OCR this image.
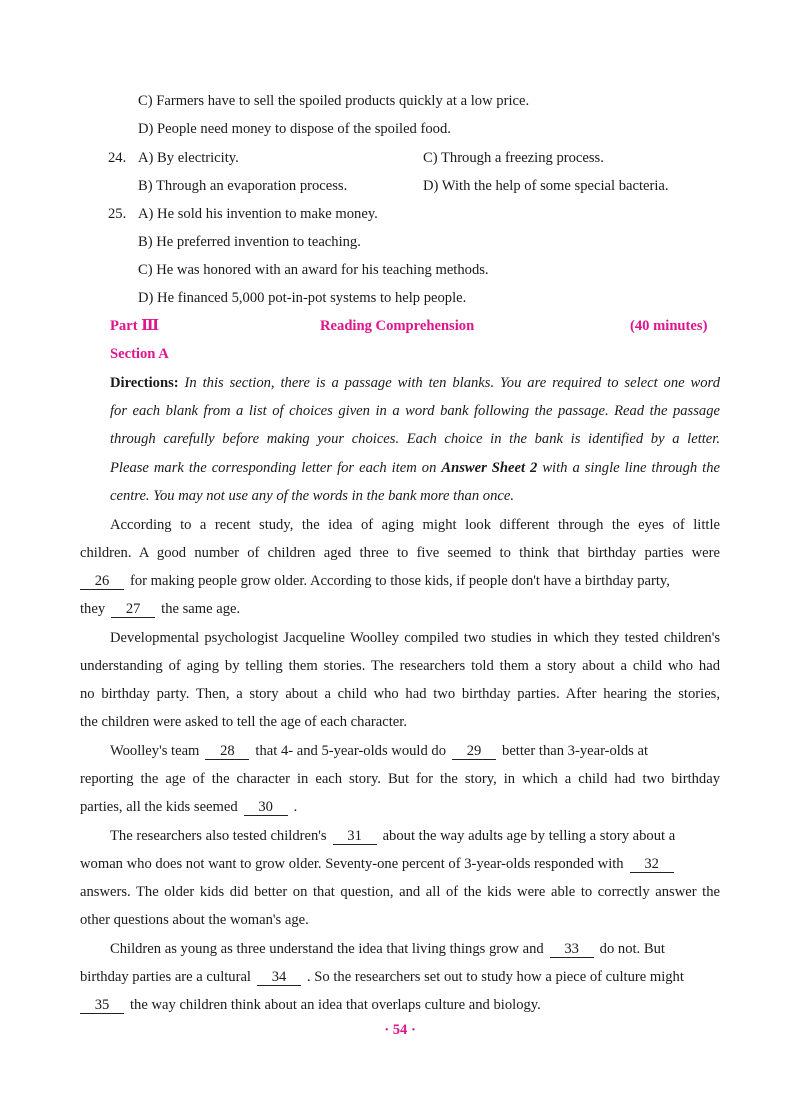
C) Farmers have to sell the spoiled products quickly at a low price.
D) People need money to dispose of the spoiled food.
24. A) By electricity.	C) Through a freezing process.
B) Through an evaporation process.	D) With the help of some special bacteria.
25. A) He sold his invention to make money.
B) He preferred invention to teaching.
C) He was honored with an award for his teaching methods.
D) He financed 5,000 pot-in-pot systems to help people.
Part Ⅲ	Reading Comprehension	(40 minutes)
Section A
Directions: In this section, there is a passage with ten blanks. You are required to select one word
for each blank from a list of choices given in a word bank following the passage. Read the passage
through carefully before making your choices. Each choice in the bank is identified by a letter.
Please mark the corresponding letter for each item on Answer Sheet 2 with a single line through the
centre. You may not use any of the words in the bank more than once.
According to a recent study, the idea of aging might look different through the eyes of little
children. A good number of children aged three to five seemed to think that birthday parties were
26 for making people grow older. According to those kids, if people don't have a birthday party,
they 27 the same age.
Developmental psychologist Jacqueline Woolley compiled two studies in which they tested children's
understanding of aging by telling them stories. The researchers told them a story about a child who had
no birthday party. Then, a story about a child who had two birthday parties. After hearing the stories,
the children were asked to tell the age of each character.
Woolley's team 28 that 4- and 5-year-olds would do 29 better than 3-year-olds at
reporting the age of the character in each story. But for the story, in which a child had two birthday
parties, all the kids seemed 30 .
The researchers also tested children's 31 about the way adults age by telling a story about a
woman who does not want to grow older. Seventy-one percent of 3-year-olds responded with 32
answers. The older kids did better on that question, and all of the kids were able to correctly answer the
other questions about the woman's age.
Children as young as three understand the idea that living things grow and 33 do not. But
birthday parties are a cultural 34 . So the researchers set out to study how a piece of culture might
35 the way children think about an idea that overlaps culture and biology.
· 54 ·
